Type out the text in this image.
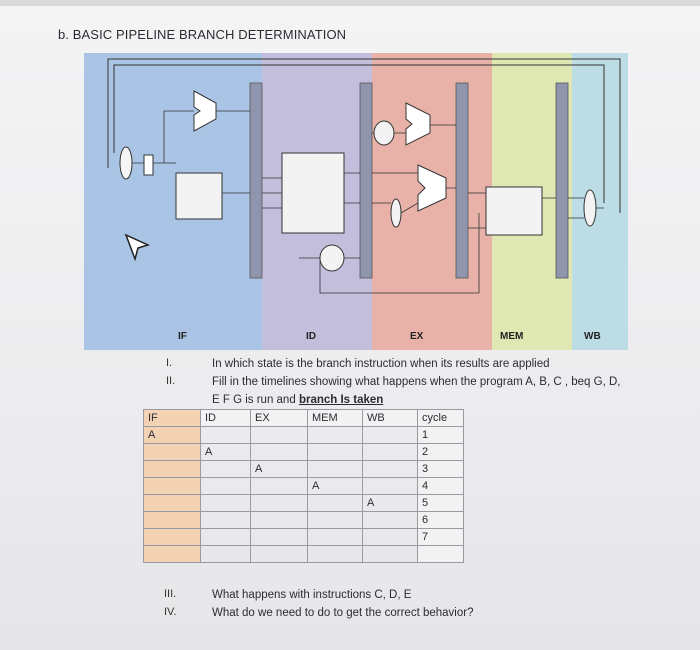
b. BASIC PIPELINE BRANCH DETERMINATION
IF	ID	EX	MEM	WB
I.	In which state is the branch instruction when its results are applied
II.	Fill in the timelines showing what happens when the program A, B, C , beq G, D,
E F G is run and branch Is taken
IF	ID	EX	MEM	WB	cycle
A					1
	A				2
		A			3
			A		4
				A	5
					6
					7

III.	What happens with instructions C, D, E
IV.	What do we need to do to get the correct behavior?
